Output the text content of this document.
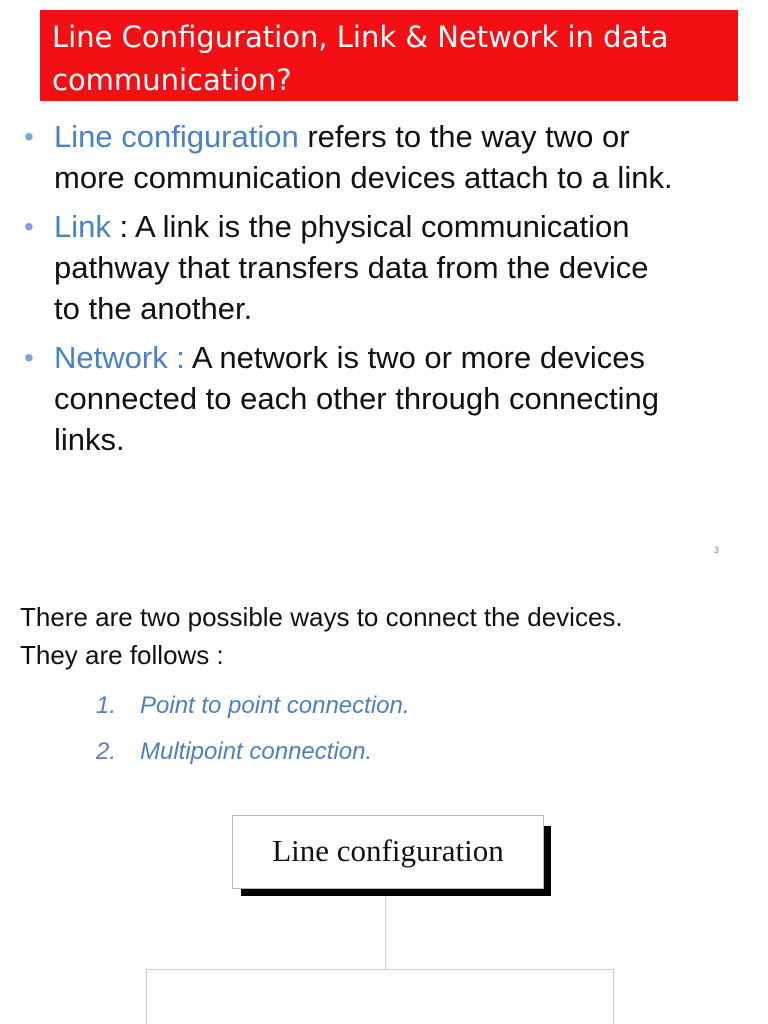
Line Configuration, Link & Network in data
communication?
• Line configuration refers to the way two or
more communication devices attach to a link.
• Link : A link is the physical communication
pathway that transfers data from the device
to the another.
• Network : A network is two or more devices
connected to each other through connecting
links.
3
There are two possible ways to connect the devices.
They are follows :
1. Point to point connection.
2. Multipoint connection.
Line configuration
